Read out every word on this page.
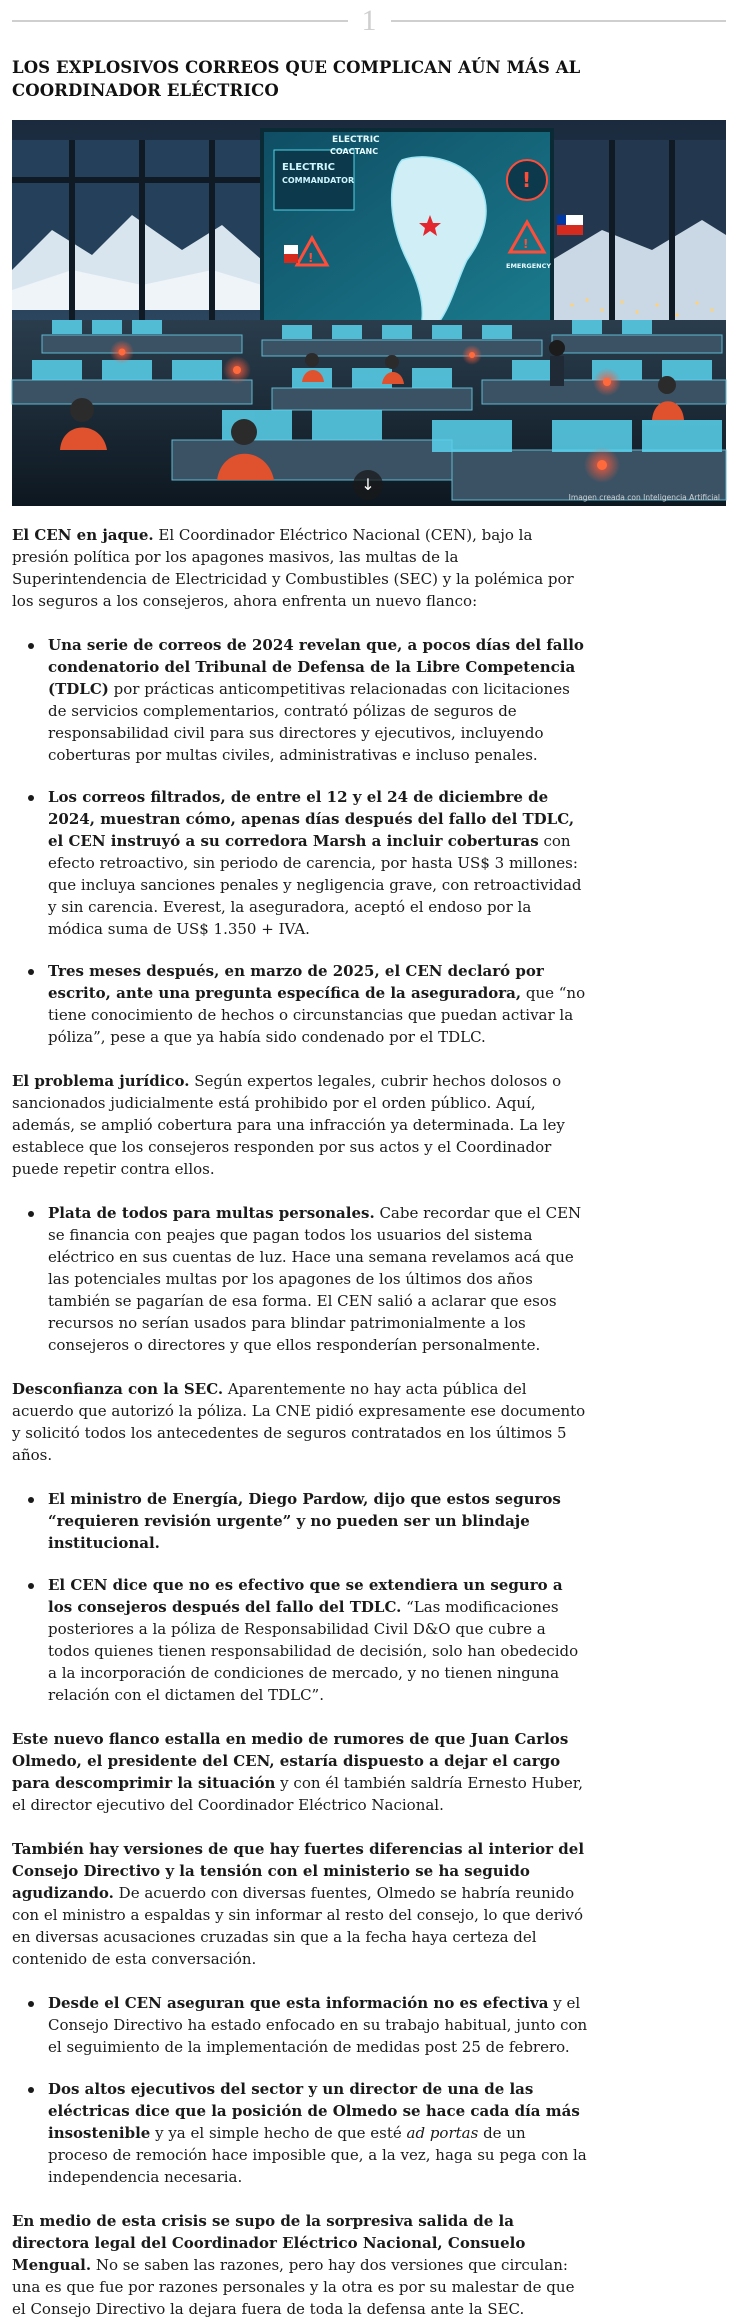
1
LOS EXPLOSIVOS CORREOS QUE COMPLICAN AÚN MÁS AL COORDINADOR ELÉCTRICO
ELECTRIC
COMMANDATOR
ELECTRIC
COACTANC
!
!
!
EMERGENCY
↓
Imagen creada con Inteligencia Artificial

El CEN en jaque. El Coordinador Eléctrico Nacional (CEN), bajo la presión política por los apagones masivos, las multas de la Superintendencia de Electricidad y Combustibles (SEC) y la polémica por los seguros a los consejeros, ahora enfrenta un nuevo flanco:

Una serie de correos de 2024 revelan que, a pocos días del fallo condenatorio del Tribunal de Defensa de la Libre Competencia (TDLC) por prácticas anticompetitivas relacionadas con licitaciones de servicios complementarios, contrató pólizas de seguros de responsabilidad civil para sus directores y ejecutivos, incluyendo coberturas por multas civiles, administrativas e incluso penales.
Los correos filtrados, de entre el 12 y el 24 de diciembre de 2024, muestran cómo, apenas días después del fallo del TDLC, el CEN instruyó a su corredora Marsh a incluir coberturas con efecto retroactivo, sin periodo de carencia, por hasta US$ 3 millones: que incluya sanciones penales y negligencia grave, con retroactividad y sin carencia. Everest, la aseguradora, aceptó el endoso por la módica suma de US$ 1.350 + IVA.
Tres meses después, en marzo de 2025, el CEN declaró por escrito, ante una pregunta específica de la aseguradora, que “no tiene conocimiento de hechos o circunstancias que puedan activar la póliza”, pese a que ya había sido condenado por el TDLC.

El problema jurídico. Según expertos legales, cubrir hechos dolosos o sancionados judicialmente está prohibido por el orden público. Aquí, además, se amplió cobertura para una infracción ya determinada. La ley establece que los consejeros responden por sus actos y el Coordinador puede repetir contra ellos.

Plata de todos para multas personales. Cabe recordar que el CEN se financia con peajes que pagan todos los usuarios del sistema eléctrico en sus cuentas de luz. Hace una semana revelamos acá que las potenciales multas por los apagones de los últimos dos años también se pagarían de esa forma. El CEN salió a aclarar que esos recursos no serían usados para blindar patrimonialmente a los consejeros o directores y que ellos responderían personalmente.

Desconfianza con la SEC. Aparentemente no hay acta pública del acuerdo que autorizó la póliza. La CNE pidió expresamente ese documento y solicitó todos los antecedentes de seguros contratados en los últimos 5 años.

El ministro de Energía, Diego Pardow, dijo que estos seguros “requieren revisión urgente” y no pueden ser un blindaje institucional.
El CEN dice que no es efectivo que se extendiera un seguro a los consejeros después del fallo del TDLC. “Las modificaciones posteriores a la póliza de Responsabilidad Civil D&O que cubre a todos quienes tienen responsabilidad de decisión, solo han obedecido a la incorporación de condiciones de mercado, y no tienen ninguna relación con el dictamen del TDLC”.

Este nuevo flanco estalla en medio de rumores de que Juan Carlos Olmedo, el presidente del CEN, estaría dispuesto a dejar el cargo para descomprimir la situación y con él también saldría Ernesto Huber, el director ejecutivo del Coordinador Eléctrico Nacional.

También hay versiones de que hay fuertes diferencias al interior del Consejo Directivo y la tensión con el ministerio se ha seguido agudizando. De acuerdo con diversas fuentes, Olmedo se habría reunido con el ministro a espaldas y sin informar al resto del consejo, lo que derivó en diversas acusaciones cruzadas sin que a la fecha haya certeza del contenido de esta conversación.

Desde el CEN aseguran que esta información no es efectiva y el Consejo Directivo ha estado enfocado en su trabajo habitual, junto con el seguimiento de la implementación de medidas post 25 de febrero.
Dos altos ejecutivos del sector y un director de una de las eléctricas dice que la posición de Olmedo se hace cada día más insostenible y ya el simple hecho de que esté ad portas de un proceso de remoción hace imposible que, a la vez, haga su pega con la independencia necesaria.

En medio de esta crisis se supo de la sorpresiva salida de la directora legal del Coordinador Eléctrico Nacional, Consuelo Mengual. No se saben las razones, pero hay dos versiones que circulan: una es que fue por razones personales y la otra es por su malestar de que el Consejo Directivo la dejara fuera de toda la defensa ante la SEC.
